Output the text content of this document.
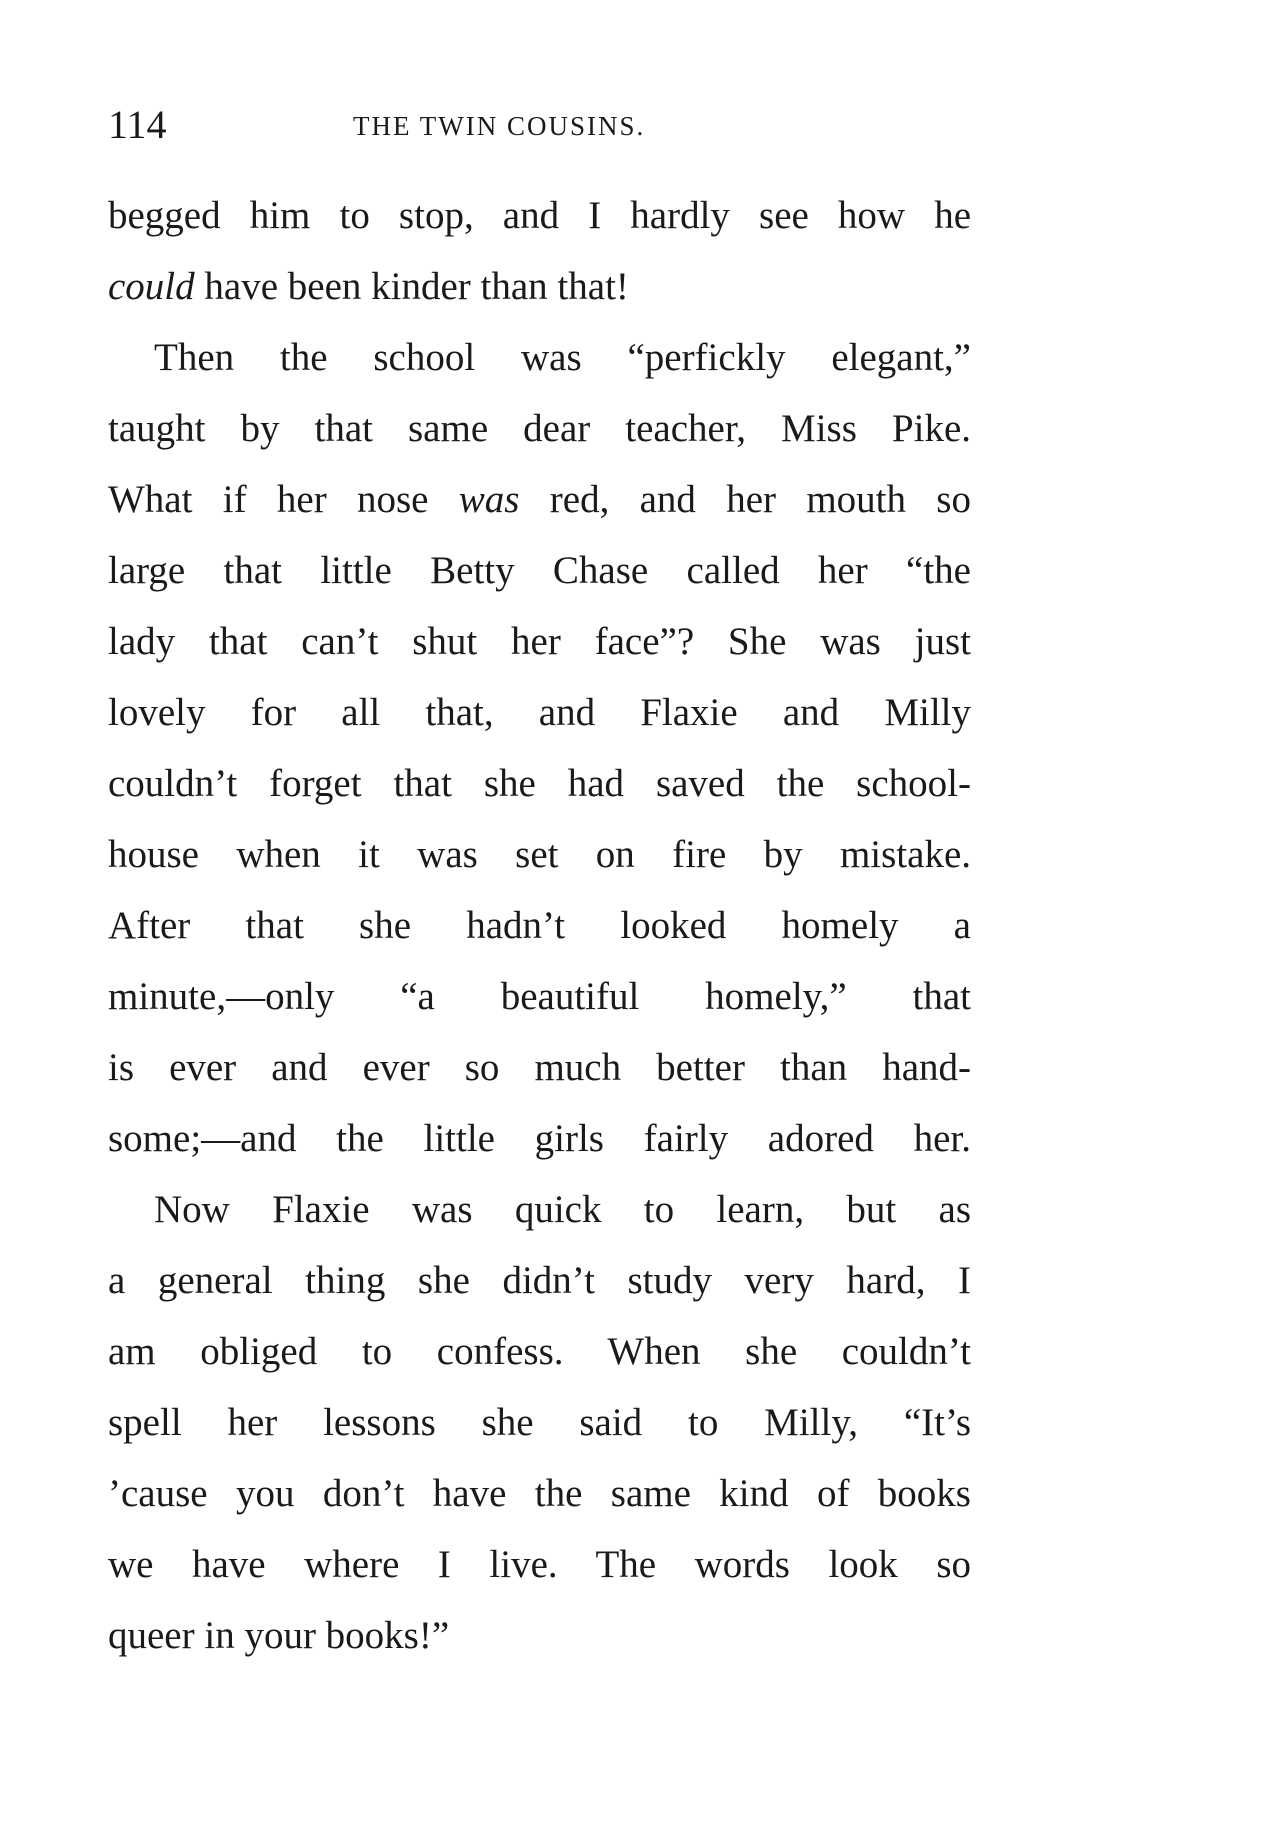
114	THE TWIN COUSINS.
begged him to stop, and I hardly see how he
could have been kinder than that!
Then the school was “perfickly elegant,”
taught by that same dear teacher, Miss Pike.
What if her nose was red, and her mouth so
large that little Betty Chase called her “the
lady that can’t shut her face”? She was just
lovely for all that, and Flaxie and Milly
couldn’t forget that she had saved the school-
house when it was set on fire by mistake.
After that she hadn’t looked homely a
minute,—only “a beautiful homely,” that
is ever and ever so much better than hand-
some;—and the little girls fairly adored her.
Now Flaxie was quick to learn, but as
a general thing she didn’t study very hard, I
am obliged to confess. When she couldn’t
spell her lessons she said to Milly, “It’s
’cause you don’t have the same kind of books
we have where I live. The words look so
queer in your books!”
